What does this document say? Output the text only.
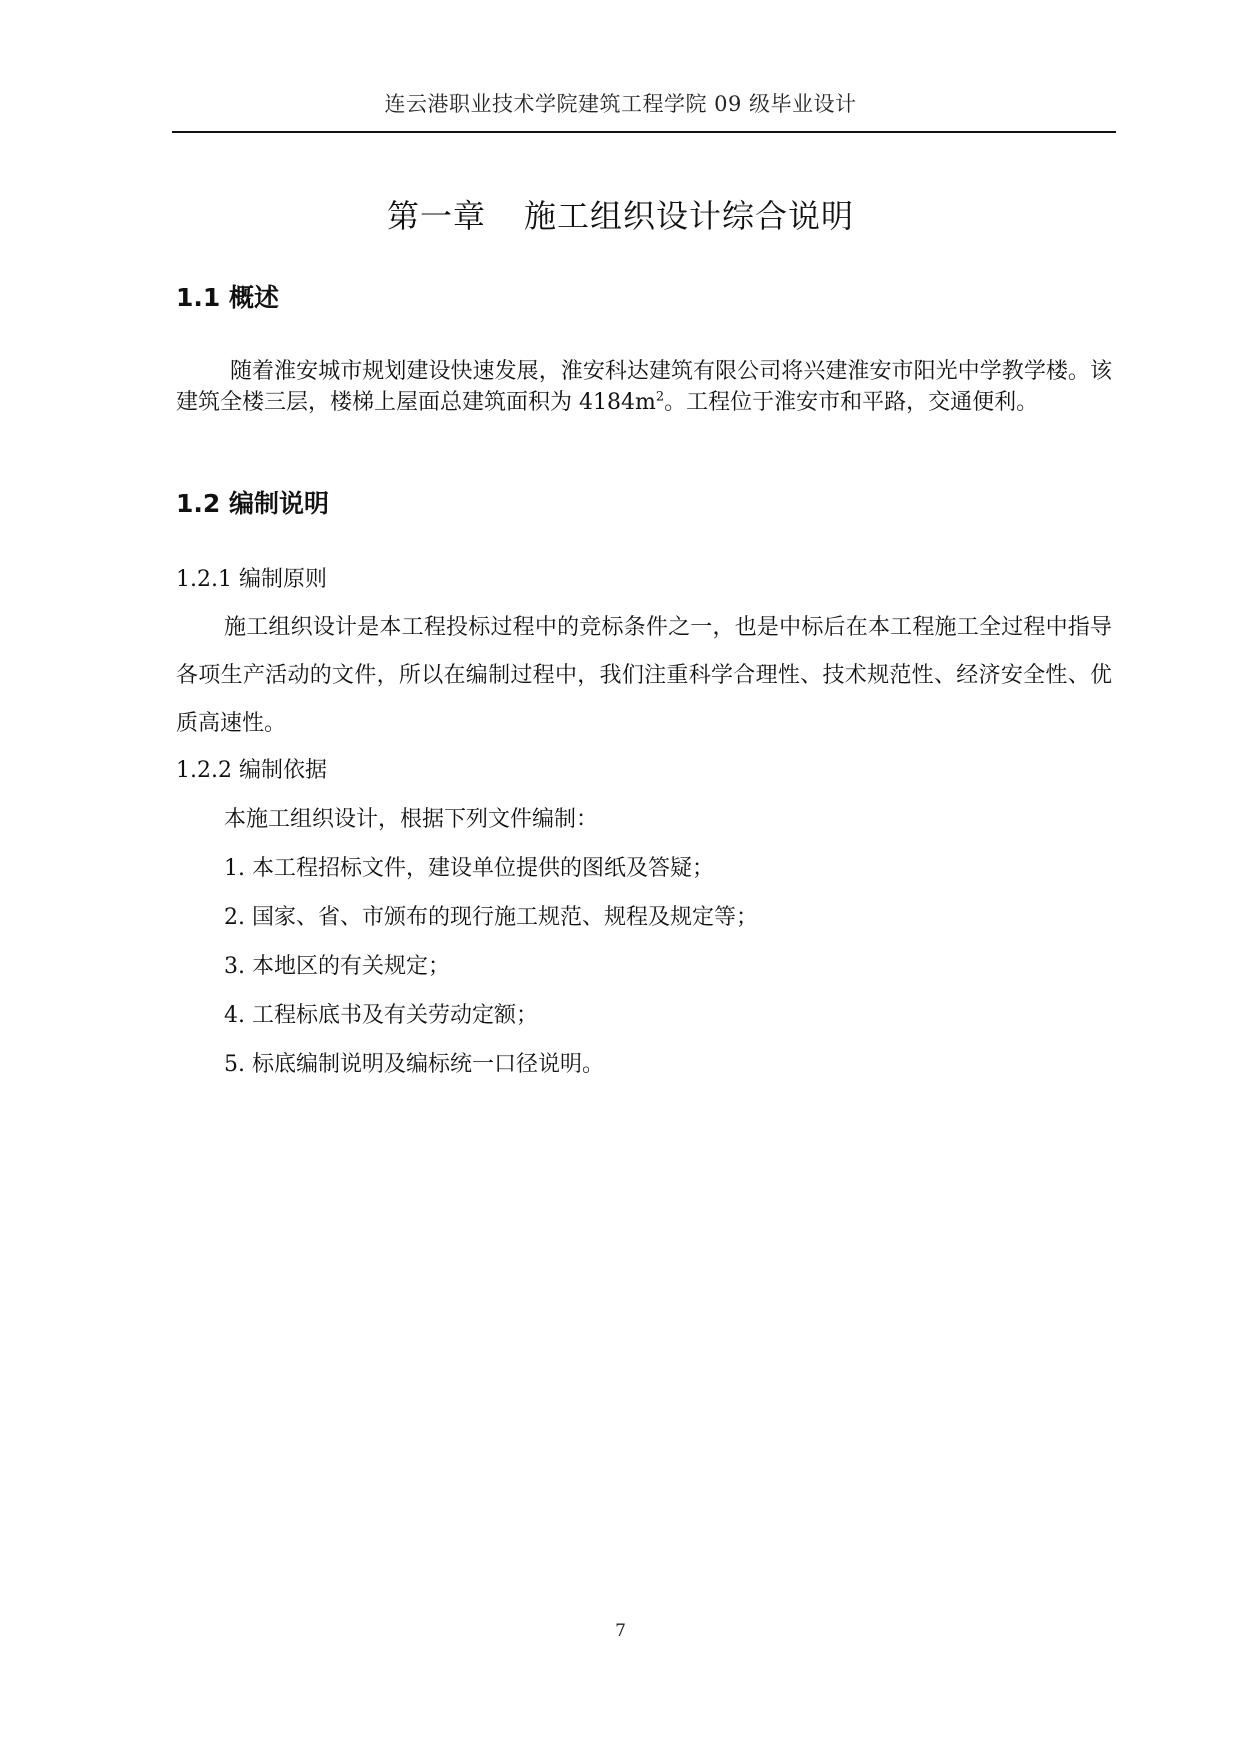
连云港职业技术学院建筑工程学院 09 级毕业设计
第一章 施工组织设计综合说明
1.1 概述
随着淮安城市规划建设快速发展，淮安科达建筑有限公司将兴建淮安市阳光中学教学楼。该建筑全楼三层，楼梯上屋面总建筑面积为 $4184m^2$。工程位于淮安市和平路，交通便利。
1.2 编制说明
1.2.1 编制原则
施工组织设计是本工程投标过程中的竞标条件之一，也是中标后在本工程施工全过程中指导各项生产活动的文件，所以在编制过程中，我们注重科学合理性、技术规范性、经济安全性、优质高速性。
1.2.2 编制依据
本施工组织设计，根据下列文件编制：
1. 本工程招标文件，建设单位提供的图纸及答疑；
2. 国家、省、市颁布的现行施工规范、规程及规定等；
3. 本地区的有关规定；
4. 工程标底书及有关劳动定额；
5. 标底编制说明及编标统一口径说明。
7
